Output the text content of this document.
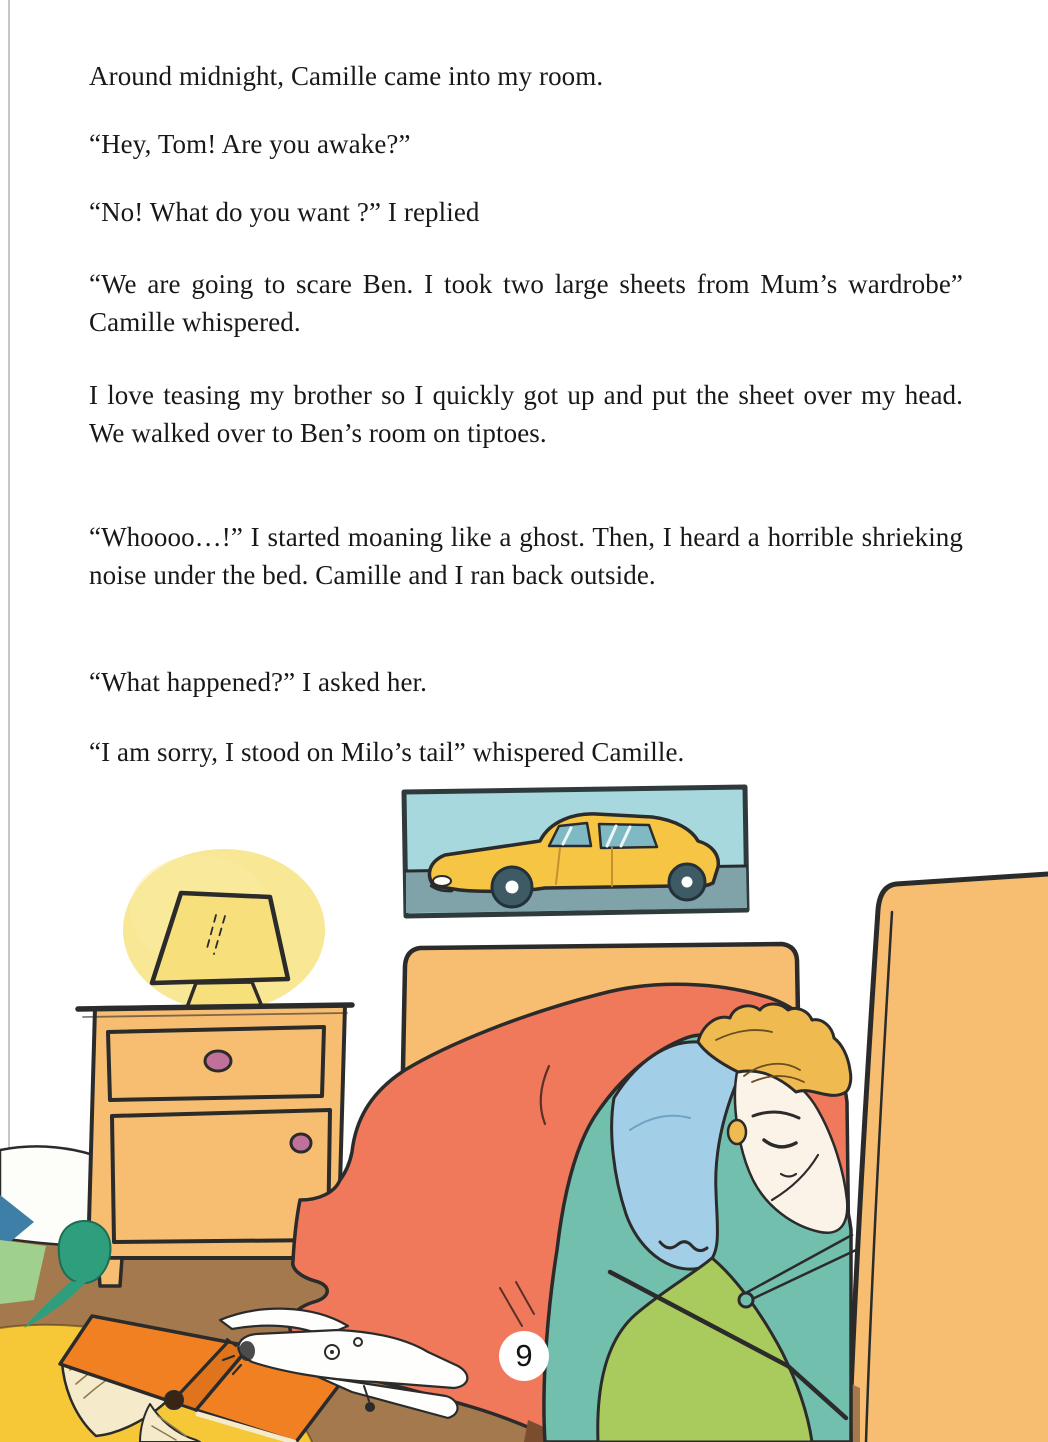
Around midnight, Camille came into my room.

“Hey, Tom! Are you awake?”

“No! What do you want ?” I replied

“We are going to scare Ben. I took two large sheets from Mum’s wardrobe” Camille whispered.

I love teasing my brother so I quickly got up and put the sheet over my head. We walked over to Ben’s room on tiptoes.

“Whoooo…!” I started moaning like a ghost. Then, I heard a horrible shrieking noise under the bed. Camille and I ran back outside.

“What happened?” I asked her.

“I am sorry, I stood on Milo’s tail” whispered Camille.

9
